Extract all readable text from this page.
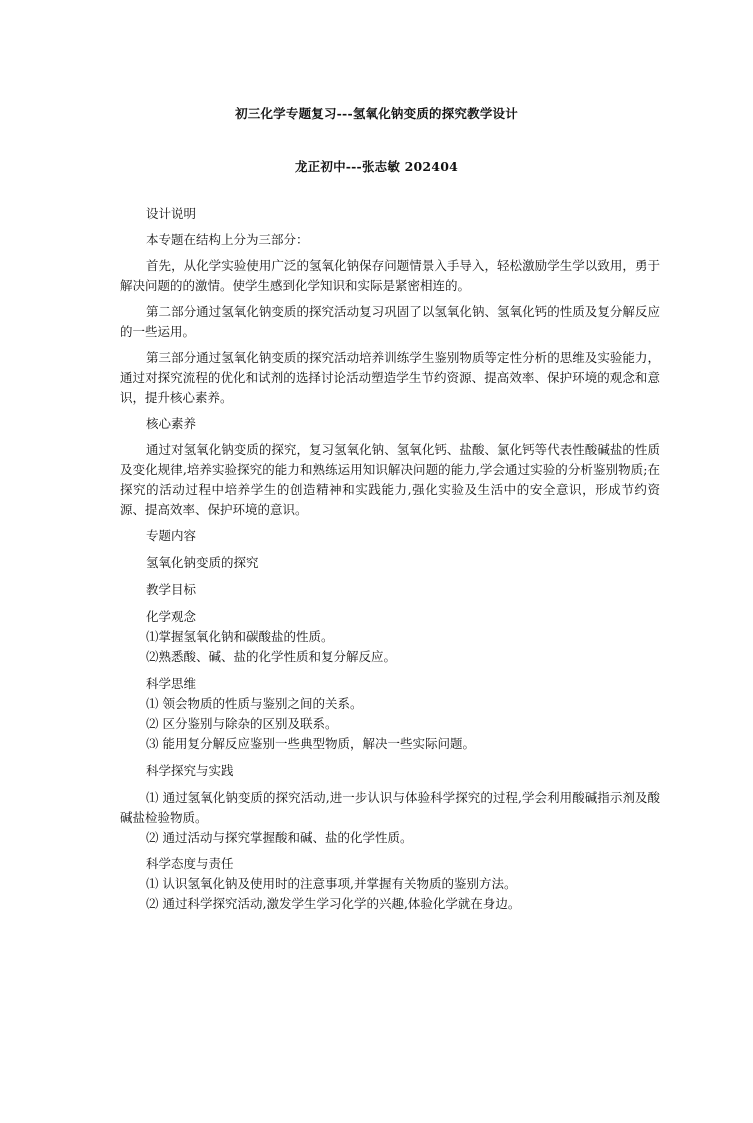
初三化学专题复习---氢氧化钠变质的探究教学设计
龙正初中---张志敏 202404

设计说明

本专题在结构上分为三部分：

首先，从化学实验使用广泛的氢氧化钠保存问题情景入手导入，轻松激励学生学以致用，勇于解决问题的的激情。使学生感到化学知识和实际是紧密相连的。

第二部分通过氢氧化钠变质的探究活动复习巩固了以氢氧化钠、氢氧化钙的性质及复分解反应的一些运用。

第三部分通过氢氧化钠变质的探究活动培养训练学生鉴别物质等定性分析的思维及实验能力，通过对探究流程的优化和试剂的选择讨论活动塑造学生节约资源、提高效率、保护环境的观念和意识，提升核心素养。

核心素养

通过对氢氧化钠变质的探究，复习氢氧化钠、氢氧化钙、盐酸、氯化钙等代表性酸碱盐的性质及变化规律,培养实验探究的能力和熟练运用知识解决问题的能力,学会通过实验的分析鉴别物质;在探究的活动过程中培养学生的创造精神和实践能力,强化实验及生活中的安全意识，形成节约资源、提高效率、保护环境的意识。

专题内容

氢氧化钠变质的探究

教学目标

化学观念

⑴掌握氢氧化钠和碳酸盐的性质。

⑵熟悉酸、碱、盐的化学性质和复分解反应。

科学思维

⑴ 领会物质的性质与鉴别之间的关系。

⑵ 区分鉴别与除杂的区别及联系。

⑶ 能用复分解反应鉴别一些典型物质，解决一些实际问题。

科学探究与实践

⑴ 通过氢氧化钠变质的探究活动,进一步认识与体验科学探究的过程,学会利用酸碱指示剂及酸碱盐检验物质。

⑵ 通过活动与探究掌握酸和碱、盐的化学性质。

科学态度与责任

⑴ 认识氢氧化钠及使用时的注意事项,并掌握有关物质的鉴别方法。

⑵ 通过科学探究活动,激发学生学习化学的兴趣,体验化学就在身边。
